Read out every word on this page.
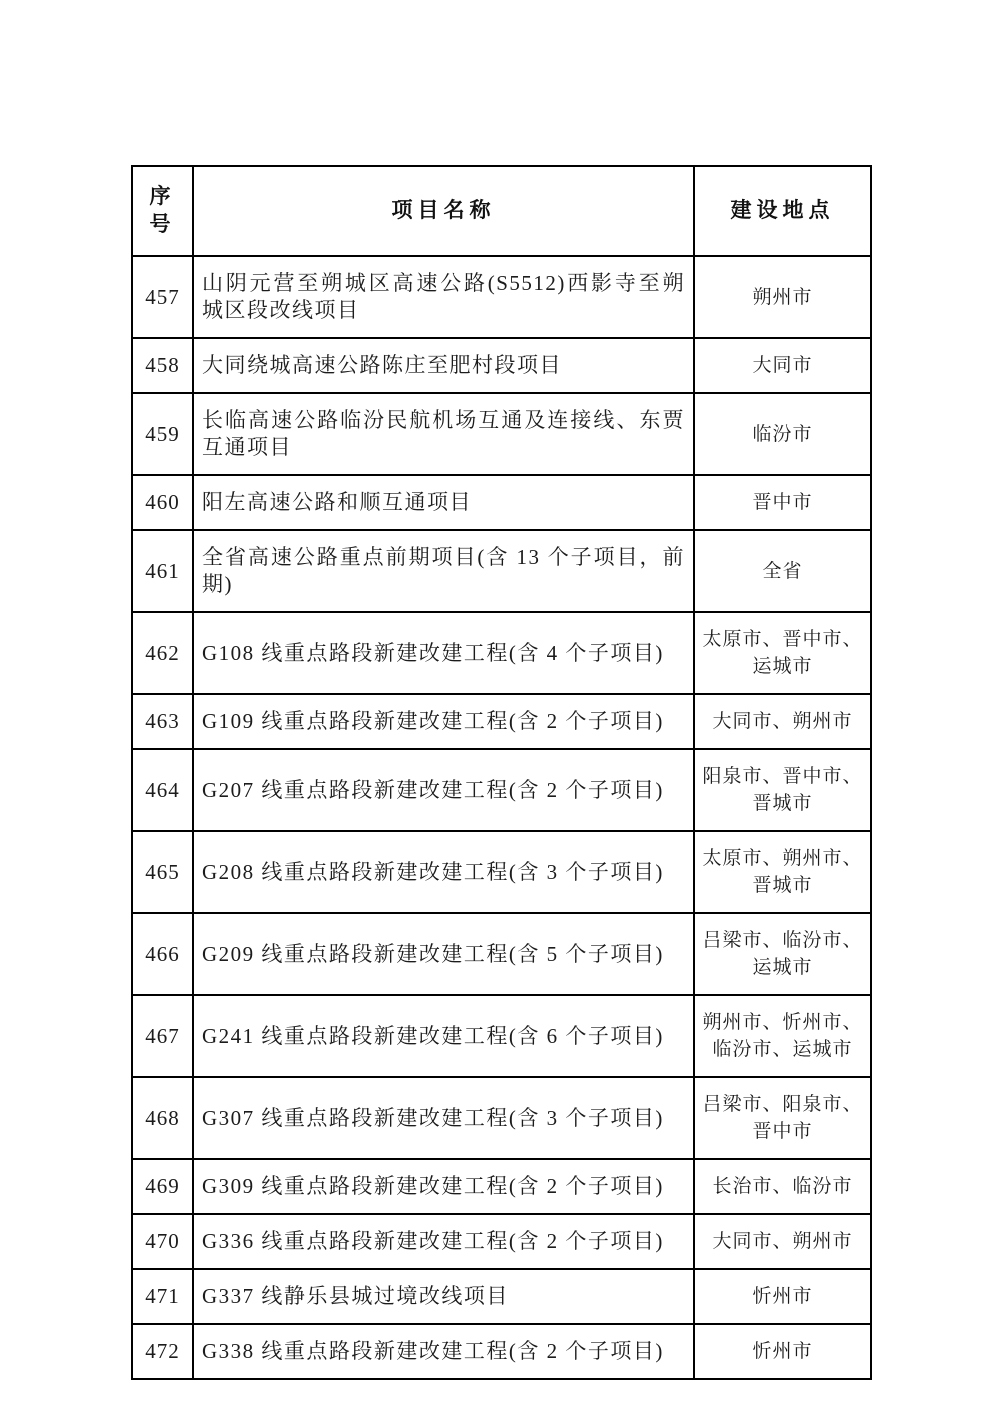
序号	项目名称	建设地点
457	山阴元营至朔城区高速公路(S5512)西影寺至朔城区段改线项目	朔州市
458	大同绕城高速公路陈庄至肥村段项目	大同市
459	长临高速公路临汾民航机场互通及连接线、东贾互通项目	临汾市
460	阳左高速公路和顺互通项目	晋中市
461	全省高速公路重点前期项目(含 13 个子项目，前期)	全省
462	G108 线重点路段新建改建工程(含 4 个子项目)	太原市、晋中市、运城市
463	G109 线重点路段新建改建工程(含 2 个子项目)	大同市、朔州市
464	G207 线重点路段新建改建工程(含 2 个子项目)	阳泉市、晋中市、晋城市
465	G208 线重点路段新建改建工程(含 3 个子项目)	太原市、朔州市、晋城市
466	G209 线重点路段新建改建工程(含 5 个子项目)	吕梁市、临汾市、运城市
467	G241 线重点路段新建改建工程(含 6 个子项目)	朔州市、忻州市、临汾市、运城市
468	G307 线重点路段新建改建工程(含 3 个子项目)	吕梁市、阳泉市、晋中市
469	G309 线重点路段新建改建工程(含 2 个子项目)	长治市、临汾市
470	G336 线重点路段新建改建工程(含 2 个子项目)	大同市、朔州市
471	G337 线静乐县城过境改线项目	忻州市
472	G338 线重点路段新建改建工程(含 2 个子项目)	忻州市
